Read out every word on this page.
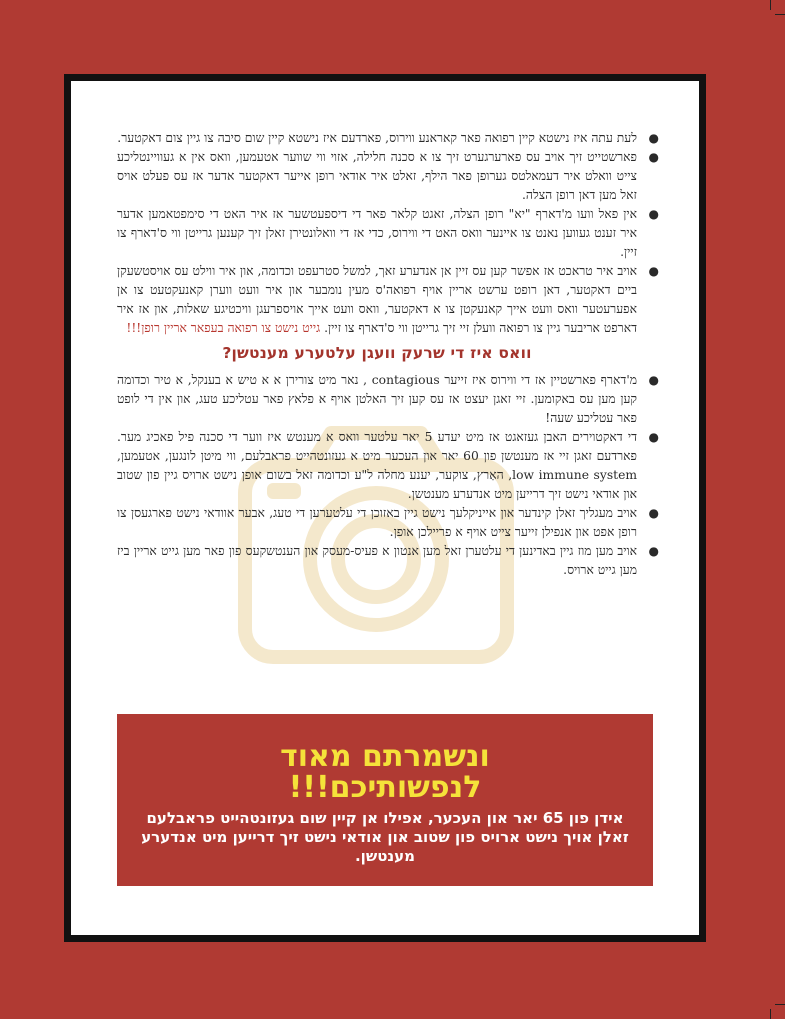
●
לעת עתה איז נישטא קיין רפואה פאר קאראנע ווירוס, פארדעם איז נישטא קיין שום סיבה צו גיין צום דאקטער.
●
פארשטייט זיך אויב עס פארערגערט זיך צו א סכנה חלילה, אזוי ווי שווער אטעמען, וואס אין א געוויינטליכע צייט וואלט איר דעמאלטס גערופן פאר הילף, זאלט איר אודאי רופן אייער דאקטער אדער אז עס פעלט אויס זאל מען דאן רופן הצלה.
●
אין פאל וועו מ'דארף "יא" רופן הצלה, זאגט קלאר פאר די דיספעטשער אז איר האט די סימפטאמען אדער איר זענט געווען נאנט צו איינער וואס האט די ווירוס, כדי אז די וואלונטירן זאלן זיך קענען גרייטן ווי ס'דארף צו זיין.
●
אויב איר טראכט אז אפשר קען עס זיין אן אנדערע זאך, למשל סטרעפט וכדומה, און איר ווילט עס אויסטשעקן ביים דאקטער, דאן רופט ערשט אריין אויף רפואה'ס מעין נומבער און איר וועט ווערן קאנעקטעט צו אן אפערעטער וואס וועט אייך קאנעקטן צו א דאקטער, וואס וועט אייך אויספרעגן וויכטיגע שאלות, און אז איר דארפט אריבער גיין צו רפואה וועלן זיי זיך גרייטן ווי ס'דארף צו זיין. גייט נישט צו רפואה בעפאר אריין רופן!!!
וואס איז די שרעק וועגן עלטערע מענטשן?
●
מ'דארף פארשטיין אז די ווירוס איז זייער contagious , נאר מיט צורירן א א טיש א בענקל, א טיר וכדומה קען מען עס באקומען. זיי זאגן יעצט אז עס קען זיך האלטן אויף א פלאץ פאר עטליכע טעג, און אין די לופט פאר עטליכע שעה!
●
די דאקטוירים האבן געזאגט אז מיט יעדע 5 יאר עלטער וואס א מענטש איז ווער די סכנה פיל פאכיג מער. פארדעם זאגן זיי אז מענטשן פון 60 יאר און העכער מיט א געזונטהייט פראבלעם, ווי מיטן לונגען, אטעמען, low immune system, האַרץ, צוקער, יענע מחלה ל"ע וכדומה זאל בשום אופן נישט ארויס גיין פון שטוב און אודאי נישט זיך דרייען מיט אנדערע מענטשן.
●
אויב מעגליך זאלן קינדער און אייניקלעך נישט גיין באזוכן די עלטערען די טעג, אבער אוודאי נישט פארגעסן צו רופן אפט און אנפילן זייער צייט אויף א פריילכן אופן.
●
אויב מען מוז גיין באדינען די עלטערן זאל מען אנטון א פעיס-מעסק און הענטשקעס פון פאר מען גייט אריין ביז מען גייט ארויס.
ונשמרתם מאוד
לנפשותיכם!!!
אידן פון 65 יאר און העכער, אפילו אן קיין שום געזונטהייט פראבלעם זאלן אויך נישט ארויס פון שטוב און אודאי נישט זיך דרייען מיט אנדערע מענטשן.
